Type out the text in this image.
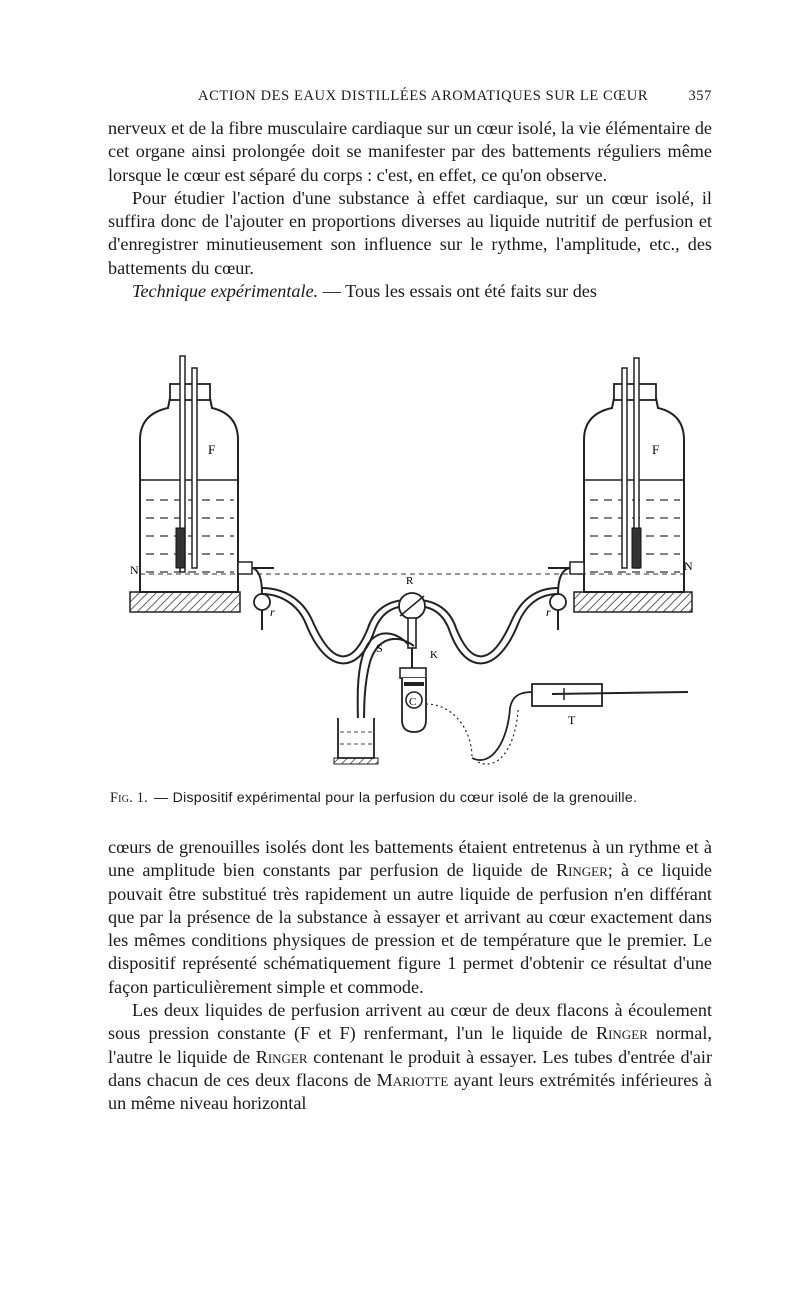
ACTION DES EAUX DISTILLÉES AROMATIQUES SUR LE CŒUR	357

nerveux et de la fibre musculaire cardiaque sur un cœur isolé, la vie élémentaire de cet organe ainsi prolongée doit se manifester par des battements réguliers même lorsque le cœur est séparé du corps : c'est, en effet, ce qu'on observe.

Pour étudier l'action d'une substance à effet cardiaque, sur un cœur isolé, il suffira donc de l'ajouter en proportions diverses au liquide nutritif de perfusion et d'enregistrer minutieusement son influence sur le rythme, l'amplitude, etc., des battements du cœur.

Technique expérimentale. — Tous les essais ont été faits sur des

F	F
N	N
R
r	r
S	K
C
T
Fig. 1. — Dispositif expérimental pour la perfusion du cœur isolé de la grenouille.

cœurs de grenouilles isolés dont les battements étaient entretenus à un rythme et à une amplitude bien constants par perfusion de liquide de Ringer; à ce liquide pouvait être substitué très rapidement un autre liquide de perfusion n'en différant que par la présence de la substance à essayer et arrivant au cœur exactement dans les mêmes conditions physiques de pression et de température que le premier. Le dispositif représenté schématiquement figure 1 permet d'obtenir ce résultat d'une façon particulièrement simple et commode.

Les deux liquides de perfusion arrivent au cœur de deux flacons à écoulement sous pression constante (F et F) renfermant, l'un le liquide de Ringer normal, l'autre le liquide de Ringer contenant le produit à essayer. Les tubes d'entrée d'air dans chacun de ces deux flacons de Mariotte ayant leurs extrémités inférieures à un même niveau horizontal
